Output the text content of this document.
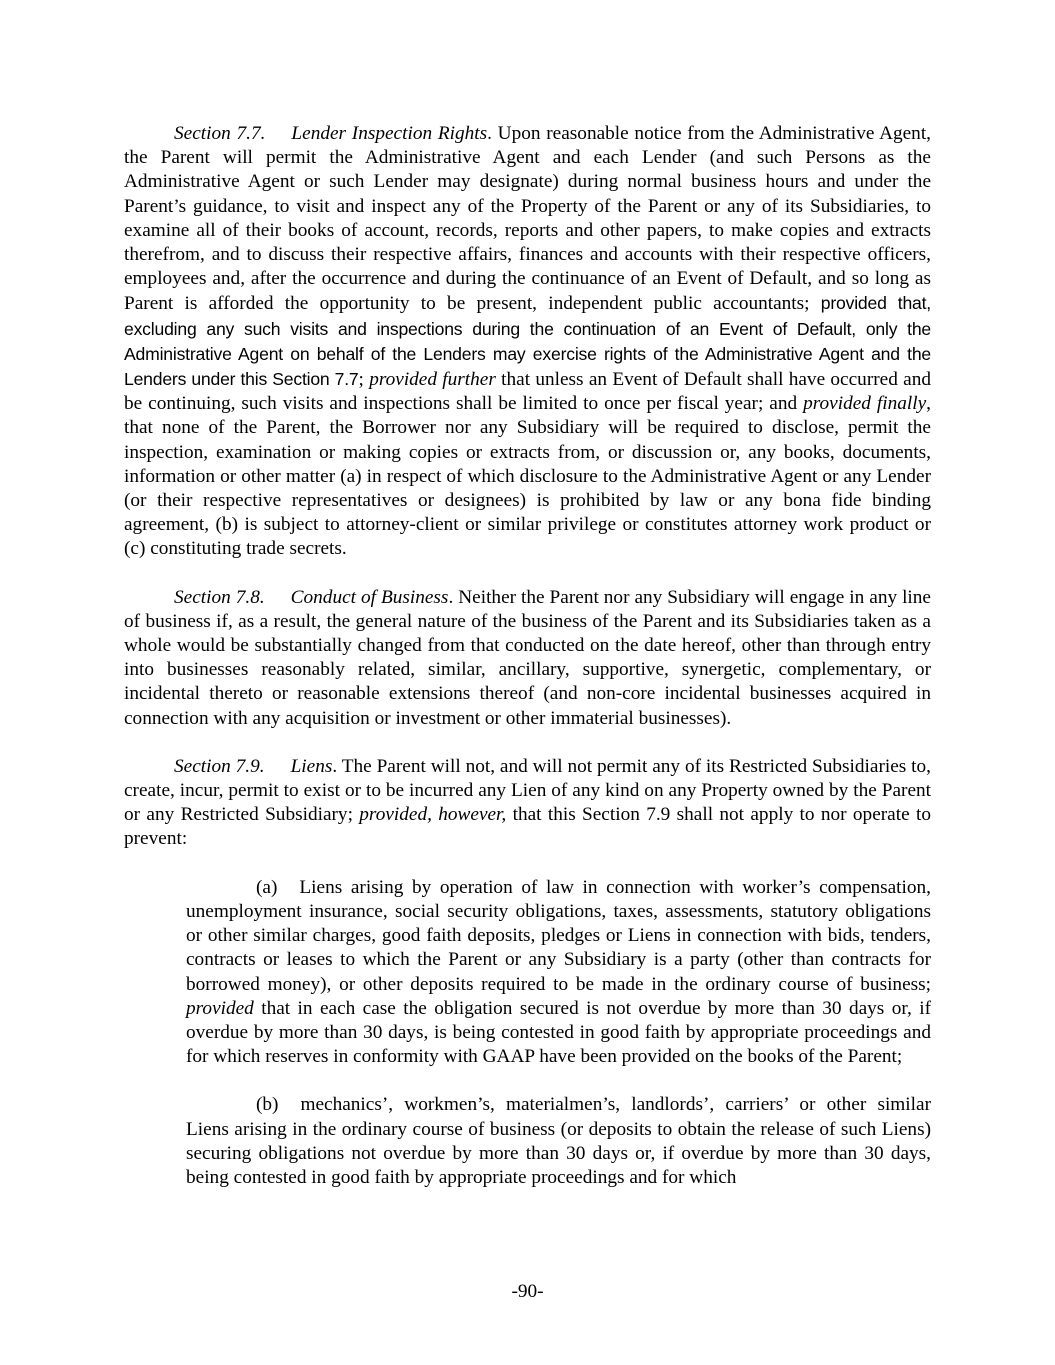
Section 7.7. Lender Inspection Rights. Upon reasonable notice from the Administrative Agent, the Parent will permit the Administrative Agent and each Lender (and such Persons as the Administrative Agent or such Lender may designate) during normal business hours and under the Parent’s guidance, to visit and inspect any of the Property of the Parent or any of its Subsidiaries, to examine all of their books of account, records, reports and other papers, to make copies and extracts therefrom, and to discuss their respective affairs, finances and accounts with their respective officers, employees and, after the occurrence and during the continuance of an Event of Default, and so long as Parent is afforded the opportunity to be present, independent public accountants; provided that, excluding any such visits and inspections during the continuation of an Event of Default, only the Administrative Agent on behalf of the Lenders may exercise rights of the Administrative Agent and the Lenders under this Section 7.7; provided further that unless an Event of Default shall have occurred and be continuing, such visits and inspections shall be limited to once per fiscal year; and provided finally, that none of the Parent, the Borrower nor any Subsidiary will be required to disclose, permit the inspection, examination or making copies or extracts from, or discussion or, any books, documents, information or other matter (a) in respect of which disclosure to the Administrative Agent or any Lender (or their respective representatives or designees) is prohibited by law or any bona fide binding agreement, (b) is subject to attorney-client or similar privilege or constitutes attorney work product or (c) constituting trade secrets.

Section 7.8. Conduct of Business. Neither the Parent nor any Subsidiary will engage in any line of business if, as a result, the general nature of the business of the Parent and its Subsidiaries taken as a whole would be substantially changed from that conducted on the date hereof, other than through entry into businesses reasonably related, similar, ancillary, supportive, synergetic, complementary, or incidental thereto or reasonable extensions thereof (and non-core incidental businesses acquired in connection with any acquisition or investment or other immaterial businesses).

Section 7.9. Liens. The Parent will not, and will not permit any of its Restricted Subsidiaries to, create, incur, permit to exist or to be incurred any Lien of any kind on any Property owned by the Parent or any Restricted Subsidiary; provided, however, that this Section 7.9 shall not apply to nor operate to prevent:

(a) Liens arising by operation of law in connection with worker’s compensation, unemployment insurance, social security obligations, taxes, assessments, statutory obligations or other similar charges, good faith deposits, pledges or Liens in connection with bids, tenders, contracts or leases to which the Parent or any Subsidiary is a party (other than contracts for borrowed money), or other deposits required to be made in the ordinary course of business; provided that in each case the obligation secured is not overdue by more than 30 days or, if overdue by more than 30 days, is being contested in good faith by appropriate proceedings and for which reserves in conformity with GAAP have been provided on the books of the Parent;

(b) mechanics’, workmen’s, materialmen’s, landlords’, carriers’ or other similar Liens arising in the ordinary course of business (or deposits to obtain the release of such Liens) securing obligations not overdue by more than 30 days or, if overdue by more than 30 days, being contested in good faith by appropriate proceedings and for which

-90-
